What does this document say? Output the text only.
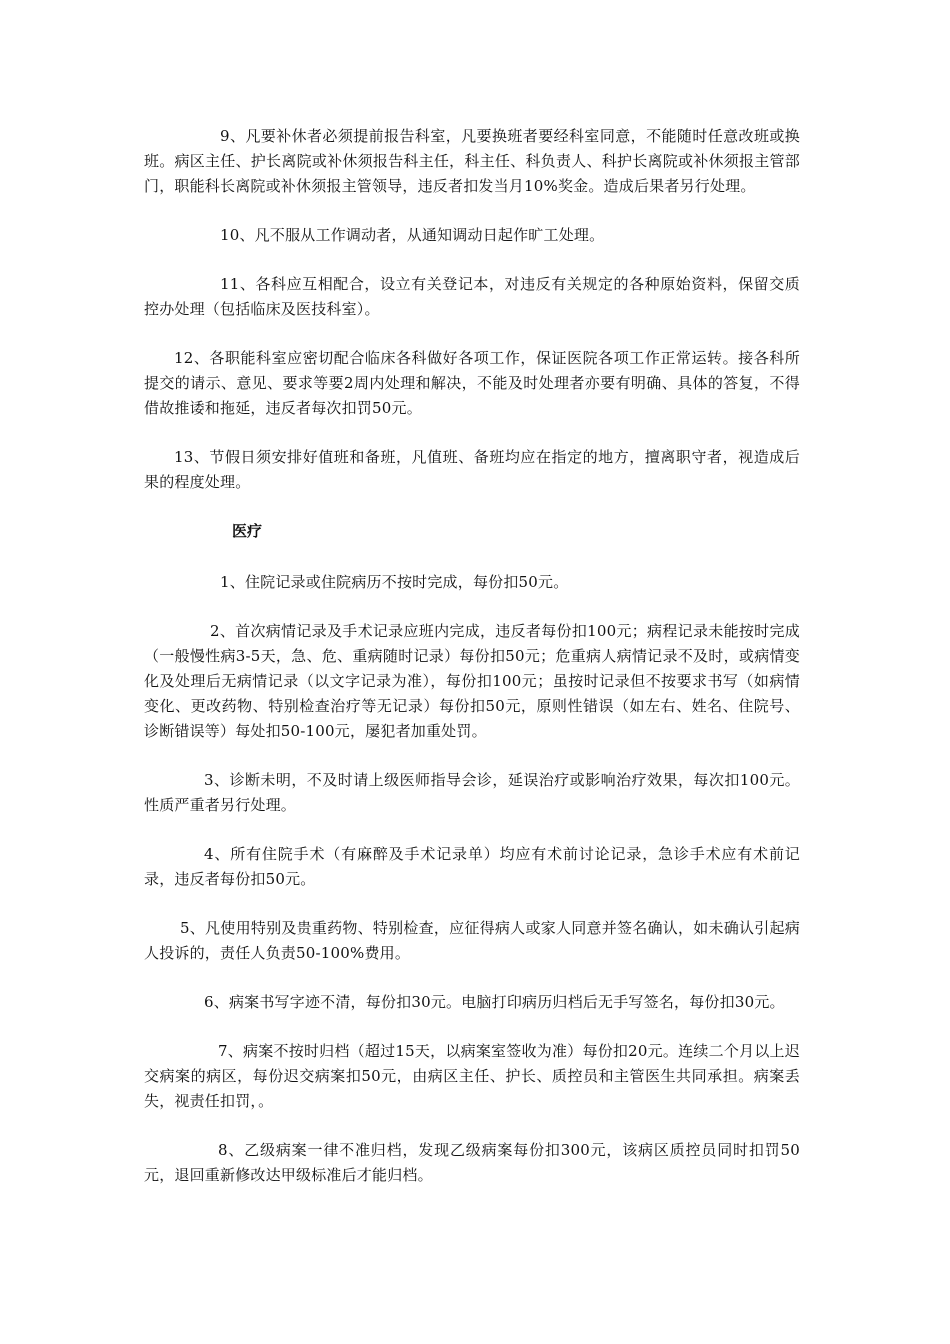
9、凡要补休者必须提前报告科室，凡要换班者要经科室同意，不能随时任意改班或换班。病区主任、护长离院或补休须报告科主任，科主任、科负责人、科护长离院或补休须报主管部门，职能科长离院或补休须报主管领导，违反者扣发当月10%奖金。造成后果者另行处理。

10、凡不服从工作调动者，从通知调动日起作旷工处理。

11、各科应互相配合，设立有关登记本，对违反有关规定的各种原始资料，保留交质控办处理（包括临床及医技科室）。

12、各职能科室应密切配合临床各科做好各项工作，保证医院各项工作正常运转。接各科所提交的请示、意见、要求等要2周内处理和解决，不能及时处理者亦要有明确、具体的答复，不得借故推诿和拖延，违反者每次扣罚50元。

13、节假日须安排好值班和备班，凡值班、备班均应在指定的地方，擅离职守者，视造成后果的程度处理。

医疗

1、住院记录或住院病历不按时完成，每份扣50元。

2、首次病情记录及手术记录应班内完成，违反者每份扣100元；病程记录未能按时完成（一般慢性病3-5天，急、危、重病随时记录）每份扣50元；危重病人病情记录不及时，或病情变化及处理后无病情记录（以文字记录为准），每份扣100元；虽按时记录但不按要求书写（如病情变化、更改药物、特别检查治疗等无记录）每份扣50元，原则性错误（如左右、姓名、住院号、诊断错误等）每处扣50-100元，屡犯者加重处罚。

3、诊断未明，不及时请上级医师指导会诊，延误治疗或影响治疗效果，每次扣100元。性质严重者另行处理。

4、所有住院手术（有麻醉及手术记录单）均应有术前讨论记录，急诊手术应有术前记录，违反者每份扣50元。

5、凡使用特别及贵重药物、特别检查，应征得病人或家人同意并签名确认，如未确认引起病人投诉的，责任人负责50-100%费用。

6、病案书写字迹不清，每份扣30元。电脑打印病历归档后无手写签名，每份扣30元。

7、病案不按时归档（超过15天，以病案室签收为准）每份扣20元。连续二个月以上迟交病案的病区，每份迟交病案扣50元，由病区主任、护长、质控员和主管医生共同承担。病案丢失，视责任扣罚，。

8、乙级病案一律不准归档，发现乙级病案每份扣300元，该病区质控员同时扣罚50元，退回重新修改达甲级标准后才能归档。
